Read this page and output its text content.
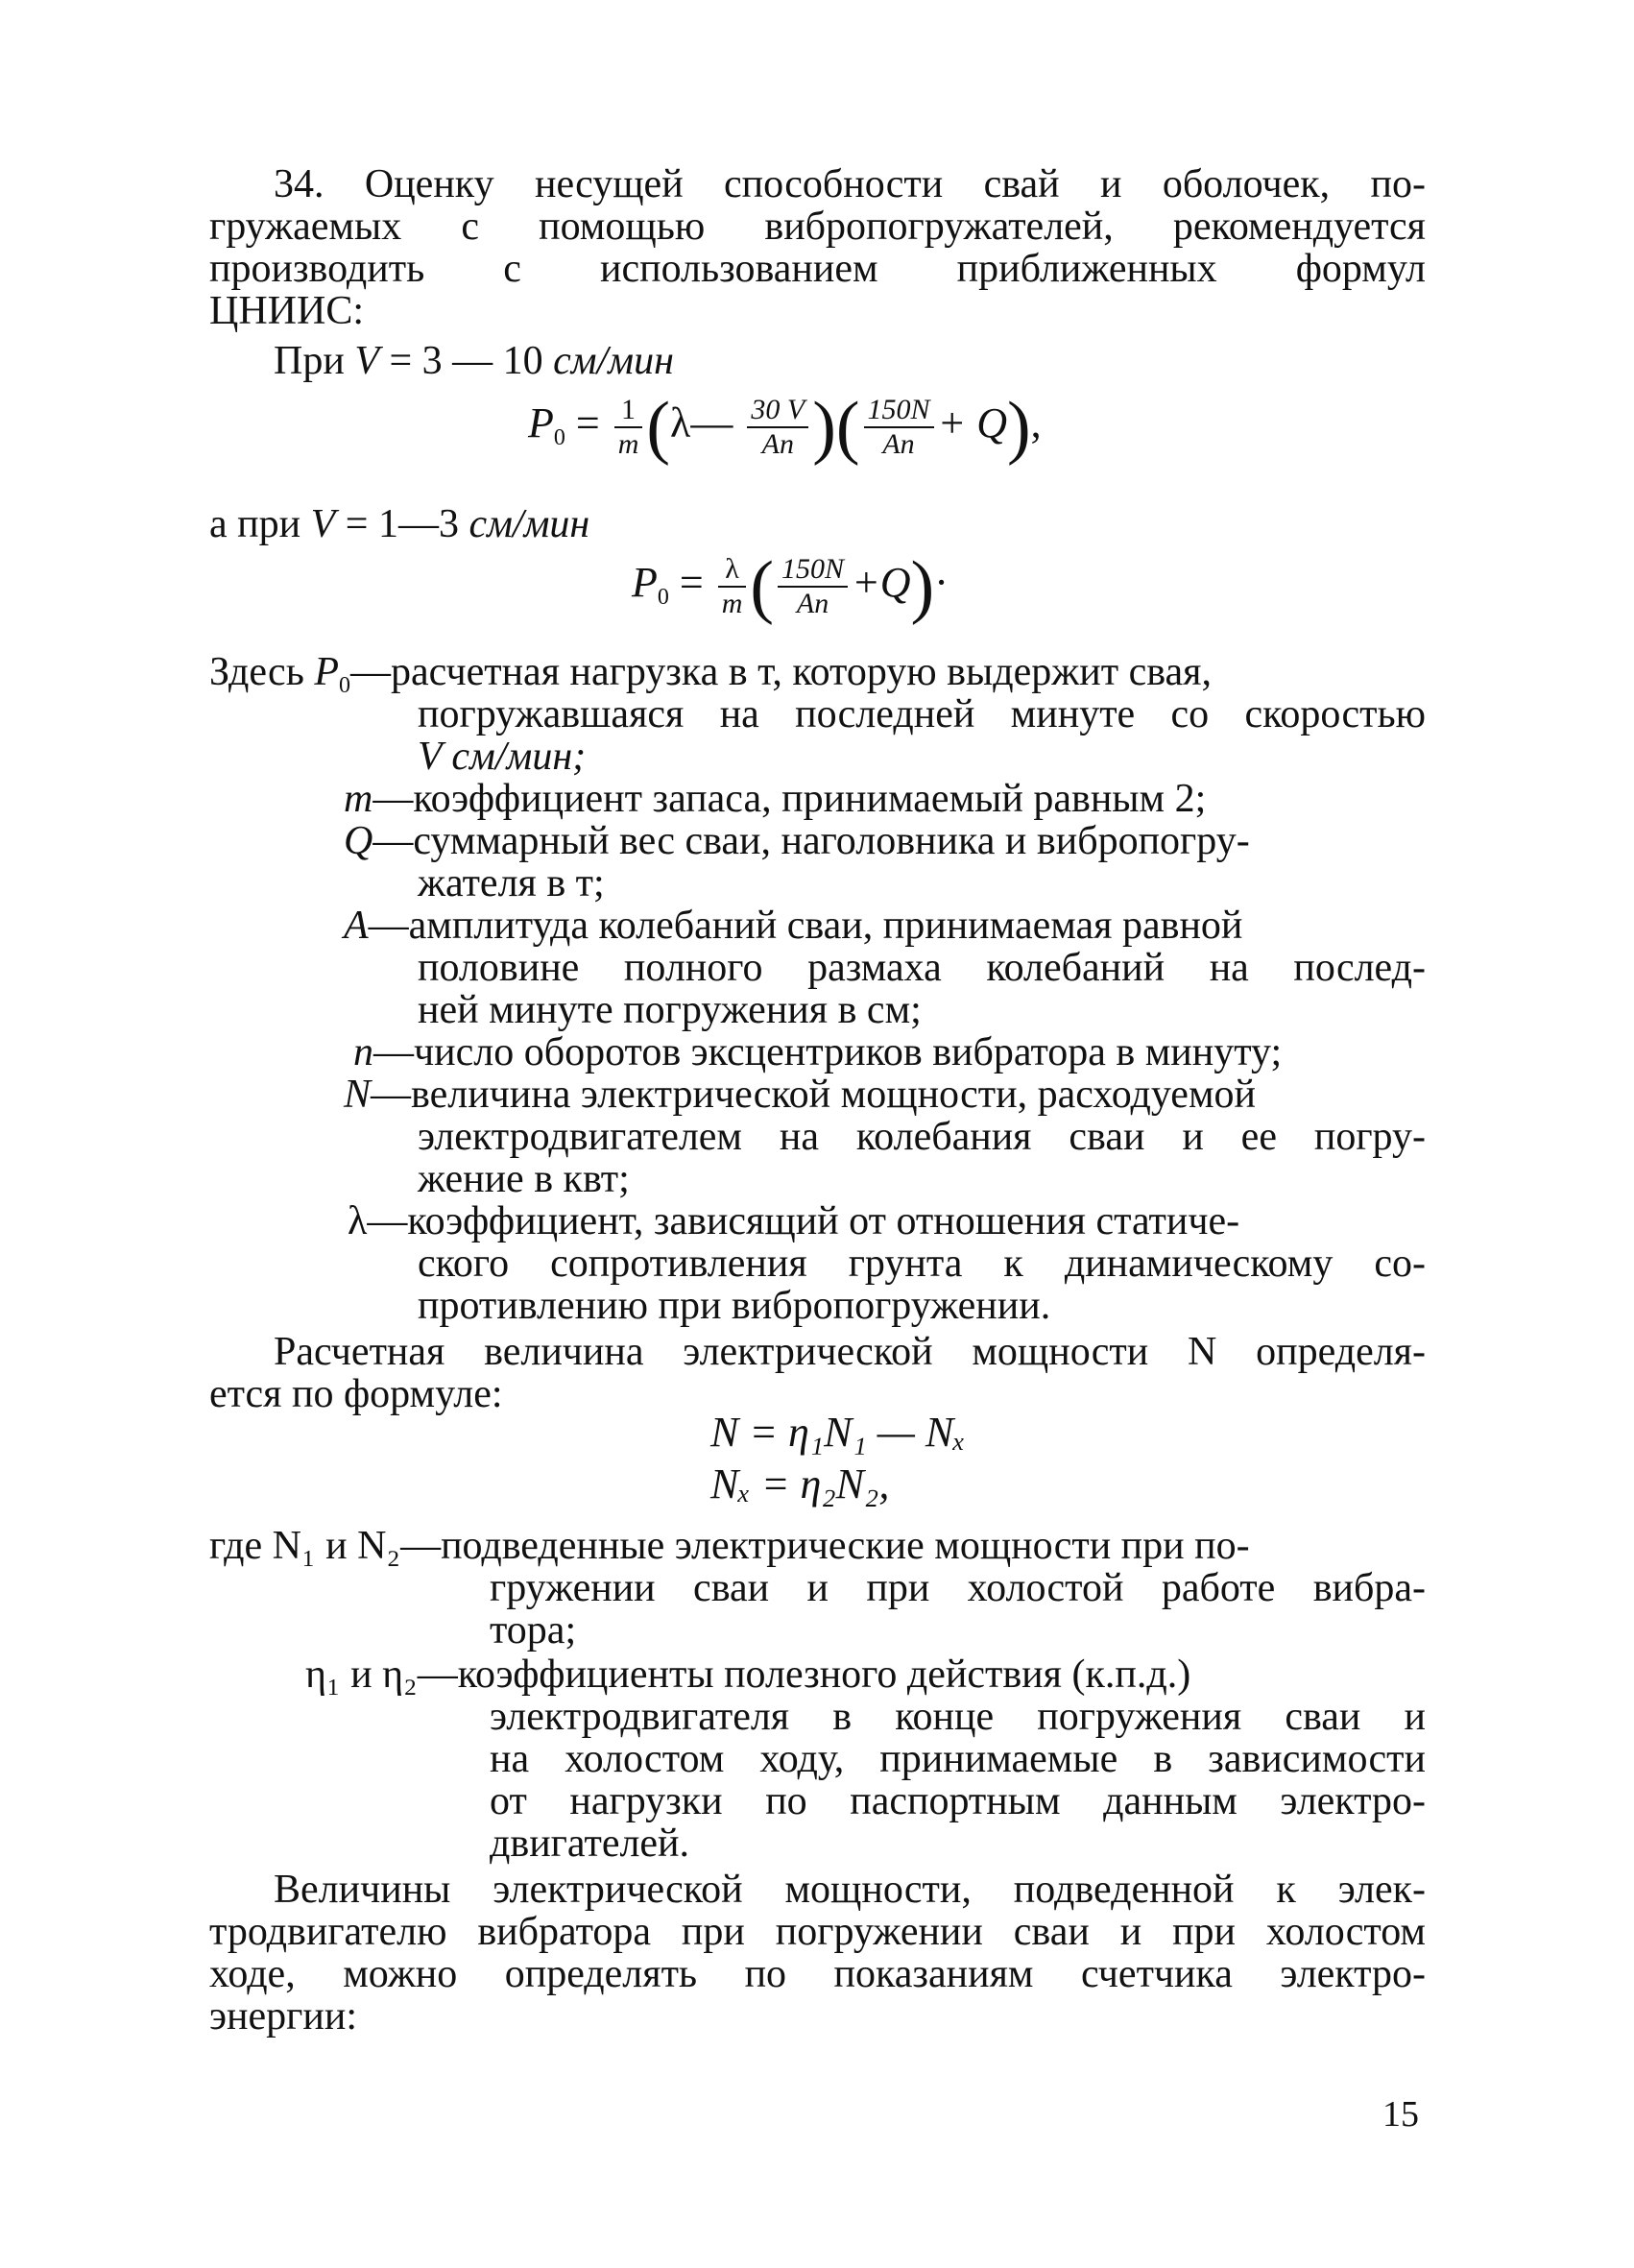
34. Оценку несущей способности свай и оболочек, по-
гружаемых с помощью вибропогружателей, рекомендуется
производить с использованием приближенных формул
ЦНИИС:
При V = 3 — 10 см/мин
$P_0 = \frac{1}{m}$ (λ— $\frac{30 V}{An}$ )( $\frac{150N}{An} + Q$),
а при V = 1—3 см/мин
$P_0 = \frac{\lambda}{m}$ ( $\frac{150N}{An} +Q)\cdot$
Здесь $P_0—расчетная$ нагрузка в т, которую выдержит свая,
погружавшаяся на последней минуте со скоростью
V см/мин;
m—коэффициент запаса, принимаемый равным 2;
Q—суммарный вес сваи, наголовника и вибропогру-
жателя в т;
A—амплитуда колебаний сваи, принимаемая равной
половине полного размаха колебаний на послед-
ней минуте погружения в см;
n—число оборотов эксцентриков вибратора в минуту;
N—величина электрической мощности, расходуемой
электродвигателем на колебания сваи и ее погру-
жение в квт;
λ—коэффициент, зависящий от отношения статиче-
ского сопротивления грунта к динамическому со-
противлению при вибропогружении.
Расчетная величина электрической мощности N определя-
ется по формуле:
N = η₁N₁ — Nₓ
Nₓ = η₂N₂,
где N₁ и N₂—подведенные электрические мощности при по-
гружении сваи и при холостой работе вибра-
тора;
η₁ и η₂—коэффициенты полезного действия (к.п.д.)
электродвигателя в конце погружения сваи и
на холостом ходу, принимаемые в зависимости
от нагрузки по паспортным данным электро-
двигателей.
Величины электрической мощности, подведенной к элек-
тродвигателю вибратора при погружении сваи и при холостом
ходе, можно определять по показаниям счетчика электро-
энергии:
15
